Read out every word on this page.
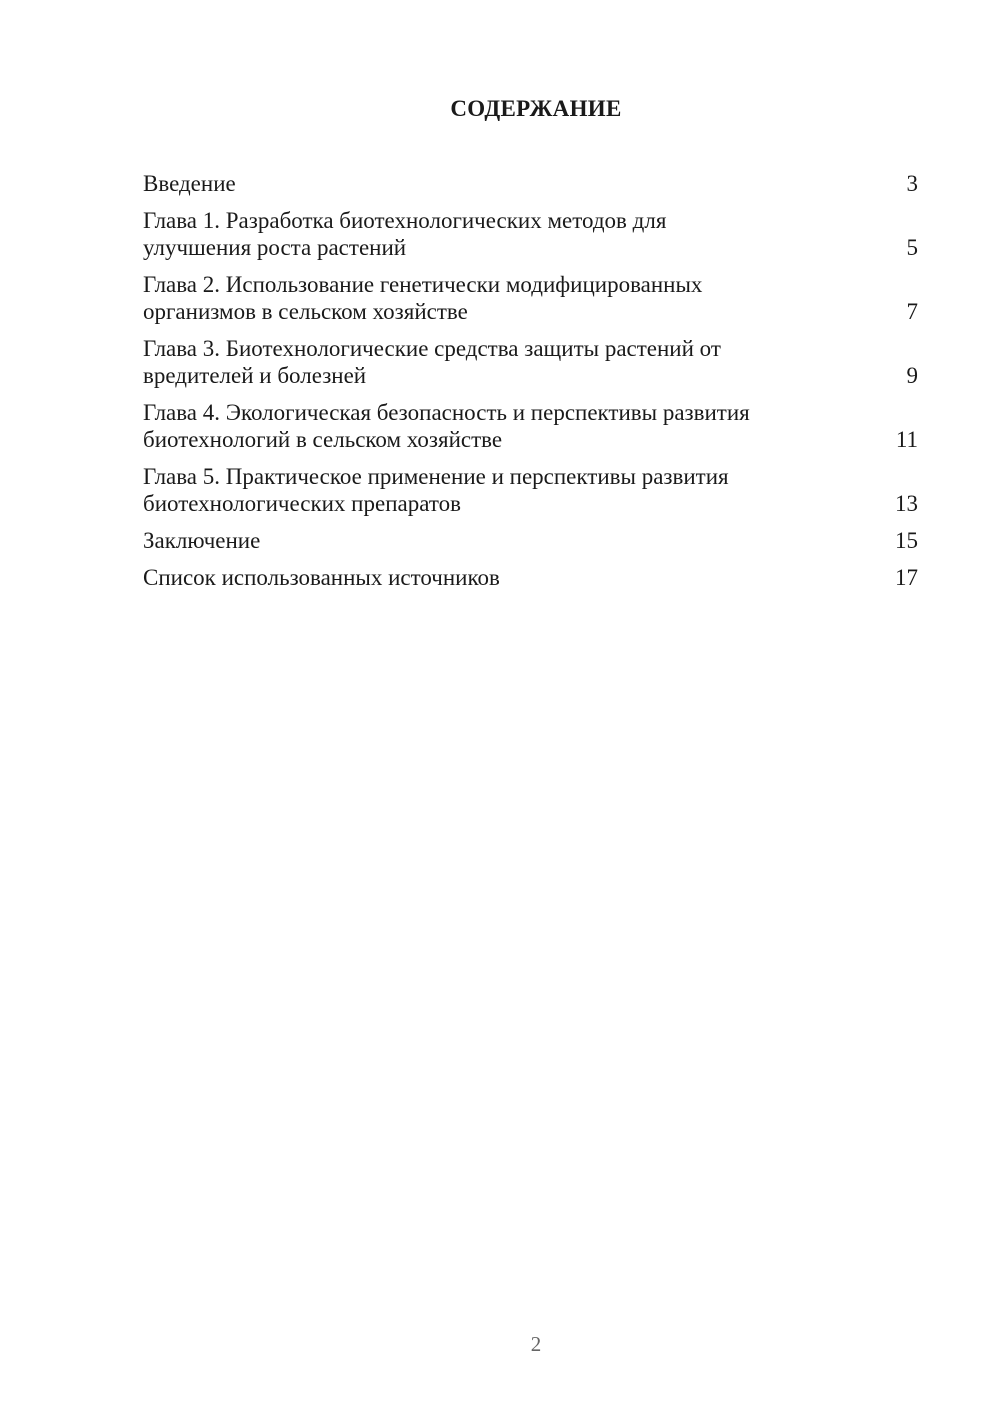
СОДЕРЖАНИЕ
Введение	3
Глава 1. Разработка биотехнологических методов для
улучшения роста растений	5
Глава 2. Использование генетически модифицированных
организмов в сельском хозяйстве	7
Глава 3. Биотехнологические средства защиты растений от
вредителей и болезней	9
Глава 4. Экологическая безопасность и перспективы развития
биотехнологий в сельском хозяйстве	11
Глава 5. Практическое применение и перспективы развития
биотехнологических препаратов	13
Заключение	15
Список использованных источников	17
2
